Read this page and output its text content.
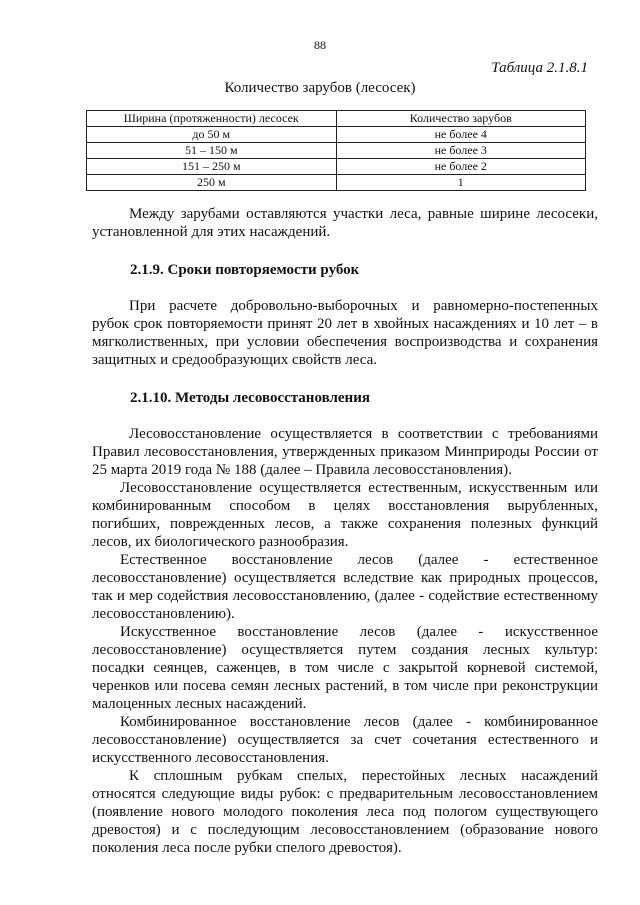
88
Таблица 2.1.8.1
Количество зарубов (лесосек)
Ширина (протяженности) лесосек	Количество зарубов
до 50 м	не более 4
51 – 150 м	не более 3
151 – 250 м	не более 2
250 м	1

Между зарубами оставляются участки леса, равные ширине лесосеки, установленной для этих насаждений.

2.1.9. Сроки повторяемости рубок

При расчете добровольно-выборочных и равномерно-постепенных рубок срок повторяемости принят 20 лет в хвойных насаждениях и 10 лет – в мягколиственных, при условии обеспечения воспроизводства и сохранения защитных и средообразующих свойств леса.

2.1.10. Методы лесовосстановления

Лесовосстановление осуществляется в соответствии с требованиями Правил лесовосстановления, утвержденных приказом Минприроды России от 25 марта 2019 года № 188 (далее – Правила лесовосстановления).

Лесовосстановление осуществляется естественным, искусственным или комбинированным способом в целях восстановления вырубленных, погибших, поврежденных лесов, а также сохранения полезных функций лесов, их биологического разнообразия.

Естественное восстановление лесов (далее - естественное лесовосстановление) осуществляется вследствие как природных процессов, так и мер содействия лесовосстановлению, (далее - содействие естественному лесовосстановлению).

Искусственное восстановление лесов (далее - искусственное лесовосстановление) осуществляется путем создания лесных культур: посадки сеянцев, саженцев, в том числе с закрытой корневой системой, черенков или посева семян лесных растений, в том числе при реконструкции малоценных лесных насаждений.

Комбинированное восстановление лесов (далее - комбинированное лесовосстановление) осуществляется за счет сочетания естественного и искусственного лесовосстановления.

К сплошным рубкам спелых, перестойных лесных насаждений относятся следующие виды рубок: с предварительным лесовосстановлением (появление нового молодого поколения леса под пологом существующего древостоя) и с последующим лесовосстановлением (образование нового поколения леса после рубки спелого древостоя).
